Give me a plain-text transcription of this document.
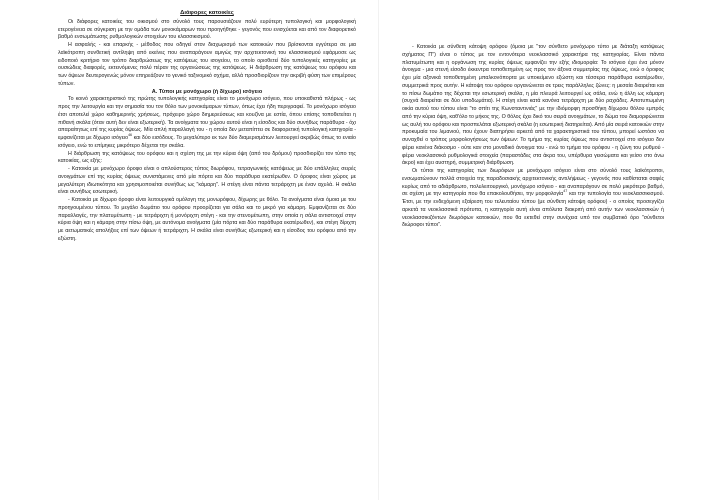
Διάφορες κατοικίες

Οι διάφορες κατοικίες του οικισμού στο σύνολό τους παρουσιάζουν πολύ ευρύτερη τυπολογική και μορφολογική ετερογένεια σε σύγκριση με την ομάδα των μονοκάμαρων που προηγήθηκε - γεγονός που ενισχύεται και από τον διαφορετικό βαθμό ενσωμάτωσης ρυθμολογικών στοιχείων του κλασσικισμού.

Η ασφαλής - και επαρκής - μέθοδος που οδηγεί στον διαχωρισμό των κατοικιών που βρίσκονται εγγύτερα σε μια λαϊκότροπη συνθετική αντίληψη από εκείνες που αναπαράγουν αμιγώς την αρχιτεκτονική του κλασσικισμού εφάρμοσε ως ειδοποιό κριτήριο τον τρόπο διαρθρώσεως της κατόψεως του ισογείου, το οποίο οριοθετεί δύο τυπολογικές κατηγορίες με ουσιώδεις διαφορές, εκτεινόμενες πολύ πέραν της οργανώσεως της κατόψεως. Η διάρθρωση της κατόψεως του ορόφου και των όψεων δευτερογενώς μόνον επηρεάζουν το γενικό ταξινομικό σχήμα, αλλά προσδιορίζουν την ακριβή φύση των επιμέρους τύπων.

Α. Τύποι με μονόχωρο (ή δίχωρο) ισόγειο

Το κοινό χαρακτηριστικό της πρώτης τυπολογικής κατηγορίας είναι το μονόχωρο ισόγειο, που υποκαθιστά πλήρως - ως προς την λειτουργία και την σημασία του τον θόλο των μονοκάμαρων τύπων, όπως έχει ήδη περιγραφεί. Το μονόχωρο ισόγειο έτσι αποτελεί χώρο καθημερινής χρήσεως, πρόχειρο χώρο διημερεύσεως και κουζίνα με εστία, όπου επίσης τοποθετείται η πιθανή σκάλα (όταν αυτή δεν είναι εξωτερική). Τα ανοίγματα του χώρου αυτού είναι η είσοδος και δύο συνήθως παράθυρα - όχι απαραίτητως επί της κυρίας όψεως. Μία απλή παραλλαγή του - η οποία δεν μεταπίπτει σε διαφορετική τυπολογική κατηγορία - εμφανίζεται με δίχωρο ισόγειο$^{46}$ και δύο εισόδους. Το μεγαλύτερο εκ των δύο διαμερισμάτων λειτουργεί ακριβώς όπως το ενιαίο ισόγειο, ενώ το επίμηκες μικρότερο δέχεται την σκάλα.

Η διάρθρωση της κατόψεως του ορόφου και η σχέση της με την κύρια όψη (από του δρόμου) προσδιορίζει τον τύπο της κατοικίας, ως εξής:

- Κατοικία με μονόχωρο όροφο είναι ο απλούστερος τύπος διωρόφου, τετραγωνικής κατόψεως με δύο επάλληλες σειρές ανοιγμάτων επί της κυρίας όψεως συνιστάμενες από μία πόρτα και δύο παράθυρα εκατέρωθεν. Ο όροφος είναι χώρος με μεγαλύτερη ιδιωτικότητα και χρησιμοποιείται συνήθως ως "κάμαρη". Η στέγη είναι πάντα τετράριχτη με έναν αχυλά. Η σκάλα είναι συνήθως εσωτερική.

- Κατοικία με δίχωρο όροφο είναι λειτουργικά ομόλογη της μονωρόφου, δίχωρης με θόλο. Τα ανοίγματα είναι όμοια με του προηγουμένου τύπου. Το μεγάλο δωμάτιο του ορόφου προορίζεται για σάλα και το μικρό για κάμαρη. Εμφανίζεται σε δύο παραλλαγές, την πλατυμέτωπη - με τετράριχτη ή μονόριχτη στέγη - και την στενομέτωπη, στην οποία η σάλα αντιστοιχεί στην κύρια όψη και η κάμαρη στην πίσω όψη, με αυτόνομα ανοίγματα (μία πόρτα και δύο παράθυρα εκατέρωθεν), και στέγη δίριχτη με αετωματικές απολήξεις επί των όψεων ή τετράριχτη. Η σκάλα είναι συνήθως εξωτερική και η είσοδος του ορόφου από την εξώστη.

- Κατοικία με σύνθετη κάτοψη ορόφου (όμοια με "τον σύνθετο μονόχωρο τύπο με διάταξη κατόψεως σχήματος Π") είναι ο τύπος με τον εντονότερα νεοκλασσικό χαρακτήρα της κατηγορίας. Είναι πάντα πλατυμέτωπη και η οργάνωση της κυρίας όψεως εμφανίζει την εξής ιδιομορφία: Το ισόγειο έχει ένα μόνον άνοιγμα - μια στενή είσοδο έκκεντρα τοποθετημένη ως προς τον άξονα συμμετρίας της όψεως, ενώ ο όροφος έχει μία αξονικά τοποθετημένη μπαλκονόπορτα με υποκείμενο εξώστη και τέσσερα παράθυρα εκατέρωθεν, συμμετρικά προς αυτήν. Η κάτοψη του ορόφου οργανώνεται σε τρεις παράλληλες ζώνες: η μεσαία διαιρείται και το πίσω δωμάτιο της δέχεται την εσωτερική σκάλα, η μία πλευρά λειτουργεί ως σάλα, ενώ η άλλη ως κάμαρη (συχνά διαιρείται σε δύο υποδωμάτια). Η στέγη είναι κατά κανόνα τετράριχτη με δύο ραχιάδες. Αποτυπωμένη οικία αυτού του τύπου είναι "το σπίτι της Κωνσταντινιάς" με την ιδιόμορφη προσθήκη δίχωρου θόλου εμπρός από την κύρια όψη, καθ'όλο το μήκος της. Ο θόλος έχει δικό του σειρά ανοιγμάτων, το δώμα του διαμορφώνεται ως αυλή του ορόφου και προσπελάται εξωτερική σκάλα (η εσωτερική διατηρείται). Από μία σειρά κατοικιών στην προκυμαία του λιμανιού, που έχουν διατηρήσει αρκετά από τα χαρακτηριστικά του τύπου, μπορεί ωστόσο να συναχθεί ο τρόπος μορφολογήσεως των όψεων: Το τμήμα της κυρίας όψεως που αντιστοιχεί στο ισόγειο δεν φέρει κανένα διάκοσμο - ούτε καν στο μοναδικό άνοιγμα του - ενώ το τμήμα του ορόφου - η ζώνη του ρυθμού - φέρει νεοκλασσικά ρυθμολογικά στοιχεία (παραστάδες στα άκρα του, υπέρθυρα γεισώματα και γείσο στο άνω άκρο) και έχει αυστηρή, συμμετρική διάρθρωση.

Οι τύποι της κατηγορίας των διωρόφων με μονόχωρο ισόγειο είναι στο σύνολό τους λαϊκότροποι, ενσωματώνουν πολλά στοιχεία της παραδοσιακής αρχιτεκτονικής αντιλήψεως - γεγονός που καθίσταται σαφές κυρίως από το αδιάρθρωτο, πολυλειτουργικό, μονόχωρο ισόγειο - και αναπαράγουν σε πολύ μικρότερο βαθμό, σε σχέση με την κατηγορία που θα επακολουθήσει, την μορφολογία$^{47}$ και την τυπολογία του νεοκλασσικισμού. Έτσι, με την ενδεχόμενη εξαίρεση του τελευταίου τύπου (με σύνθετη κάτοψη ορόφου) - ο οποίος προσεγγίζει αρκετά τα νεοκλασσικά πρότυπα, η κατηγορία αυτή είναι απόλυτα διακριτή από αυτήν των νεοκλασσικών ή νεοκλασσικιζόντων διωρόφων κατοικιών, που θα εκτεθεί στην συνέχεια υπό τον συμβατικό όρο "σύνθετοι διώροφοι τύποι".
